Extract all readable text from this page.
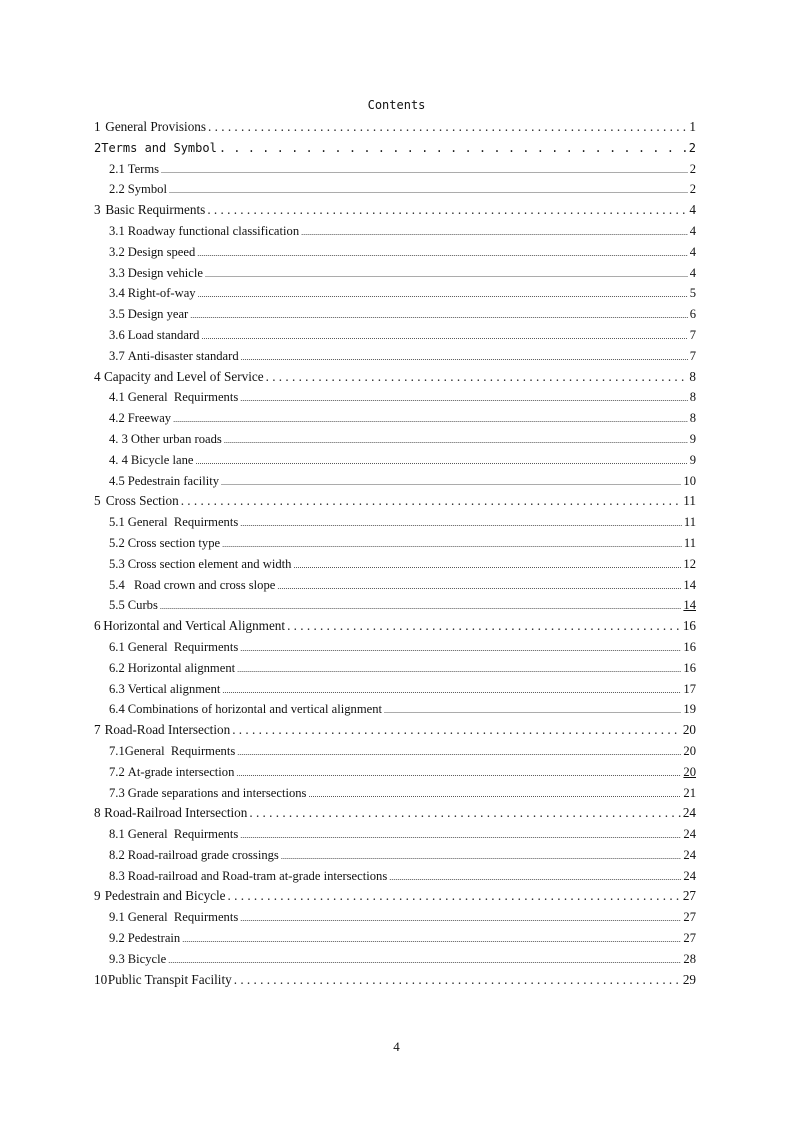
Contents
1 General Provisions . . .	1
2 Terms and Symbol . . .	2
2.1 Terms .....	2
2.2 Symbol .....	2
3 Basic Requirments . . .	4
3.1 Roadway functional classification .....	4
3.2 Design speed .....	4
3.3 Design vehicle .....	4
3.4 Right-of-way .....	5
3.5 Design year .....	6
3.6 Load standard .....	7
3.7 Anti-disaster standard .....	7
4 Capacity and Level of Service . . .	8
4.1 General  Requirments .....	8
4.2 Freeway .....	8
4. 3 Other urban roads .....	9
4. 4 Bicycle lane .....	9
4.5 Pedestrain facility .....	10
5 Cross Section . . .	11
5.1 General  Requirments .....	11
5.2 Cross section type .....	11
5.3 Cross section element and width .....	12
5.4 Road crown and cross slope .....	14
5.5 Curbs .....	14
6 Horizontal and Vertical Alignment . . .	16
6.1 General  Requirments .....	16
6.2 Horizontal alignment .....	16
6.3 Vertical alignment .....	17
6.4 Combinations of horizontal and vertical alignment .....	19
7 Road-Road Intersection . . .	20
7.1 General  Requirments .....	20
7.2 At-grade intersection .....	20
7.3 Grade separations and intersections .....	21
8 Road-Railroad Intersection . . .	24
8.1 General  Requirments .....	24
8.2 Road-railroad grade crossings .....	24
8.3 Road-railroad and Road-tram at-grade intersections .....	24
9 Pedestrain and Bicycle . . .	27
9.1 General  Requirments .....	27
9.2 Pedestrain .....	27
9.3 Bicycle .....	28
10 Public Transpit Facility . . .	29
4
